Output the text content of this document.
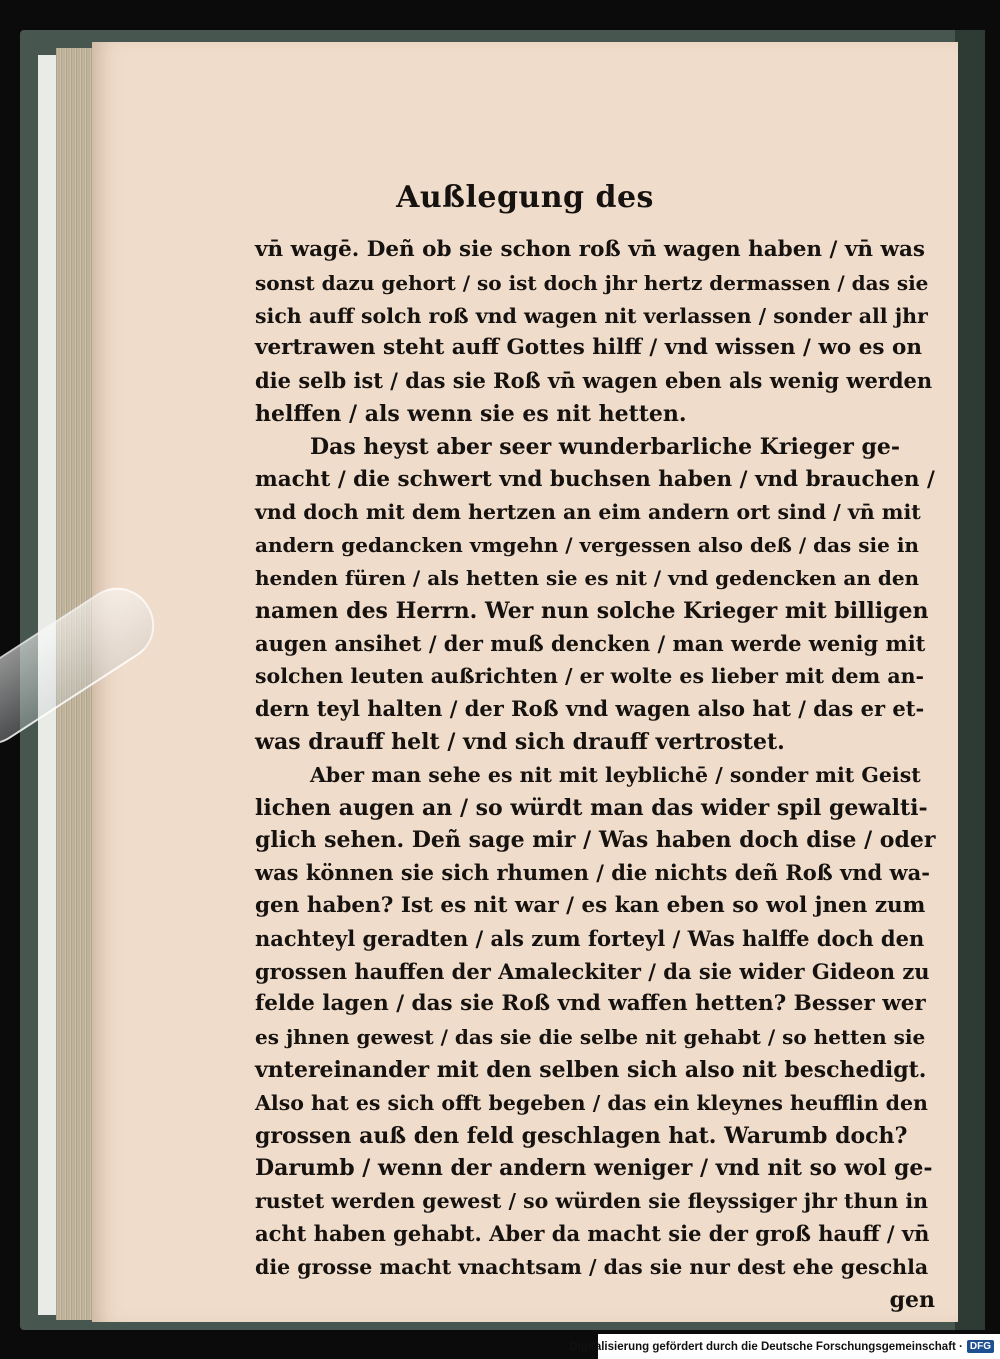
Außlegung des
vn̄ wagē. Deñ ob sie schon roß vn̄ wagen haben / vn̄ was
sonst dazu gehort / so ist doch jhr hertz dermassen / das sie
sich auff solch roß vnd wagen nit verlassen / sonder all jhr
vertrawen steht auff Gottes hilff / vnd wissen / wo es on
die selb ist / das sie Roß vn̄ wagen eben als wenig werden
helffen / als wenn sie es nit hetten.
Das heyst aber seer wunderbarliche Krieger ge-
macht / die schwert vnd buchsen haben / vnd brauchen /
vnd doch mit dem hertzen an eim andern ort sind / vn̄ mit
andern gedancken vmgehn / vergessen also deß / das sie in
henden füren / als hetten sie es nit / vnd gedencken an den
namen des Herrn. Wer nun solche Krieger mit billigen
augen ansihet / der muß dencken / man werde wenig mit
solchen leuten außrichten / er wolte es lieber mit dem an-
dern teyl halten / der Roß vnd wagen also hat / das er et-
was drauff helt / vnd sich drauff vertrostet.
Aber man sehe es nit mit leyblichē / sonder mit Geist
lichen augen an / so würdt man das wider spil gewalti-
glich sehen. Deñ sage mir / Was haben doch dise / oder
was können sie sich rhumen / die nichts deñ Roß vnd wa-
gen haben? Ist es nit war / es kan eben so wol jnen zum
nachteyl geradten / als zum forteyl / Was halffe doch den
grossen hauffen der Amaleckiter / da sie wider Gideon zu
felde lagen / das sie Roß vnd waffen hetten? Besser wer
es jhnen gewest / das sie die selbe nit gehabt / so hetten sie
vntereinander mit den selben sich also nit beschedigt.
Also hat es sich offt begeben / das ein kleynes heufflin den
grossen auß den feld geschlagen hat. Warumb doch?
Darumb / wenn der andern weniger / vnd nit so wol ge-
rustet werden gewest / so würden sie fleyssiger jhr thun in
acht haben gehabt. Aber da macht sie der groß hauff / vn̄
die grosse macht vnachtsam / das sie nur dest ehe geschla
gen
Digitalisierung gefördert durch die Deutsche Forschungsgemeinschaft · DFG
